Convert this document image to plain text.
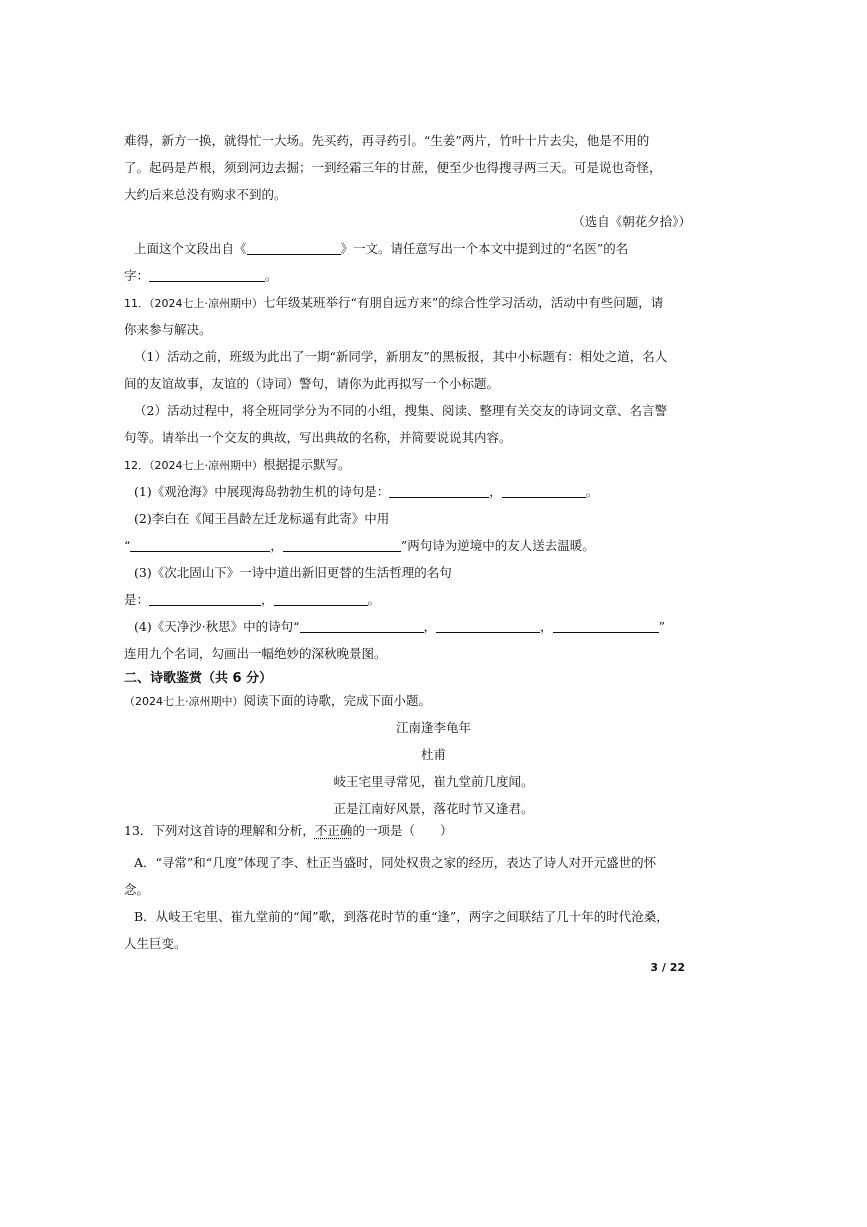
难得，新方一换，就得忙一大场。先买药，再寻药引。“生姜”两片，竹叶十片去尖，他是不用的
了。起码是芦根，须到河边去掘；一到经霜三年的甘蔗，便至少也得搜寻两三天。可是说也奇怪，
大约后来总没有购求不到的。
（选自《朝花夕拾》）
上面这个文段出自《	》一文。请任意写出一个本文中提到过的“名医”的名
字：	。
11．（2024七上·凉州期中）七年级某班举行“有朋自远方来”的综合性学习活动，活动中有些问题，请
你来参与解决。
（1）活动之前，班级为此出了一期“新同学，新朋友”的黑板报，其中小标题有：相处之道，名人
间的友谊故事，友谊的（诗词）警句，请你为此再拟写一个小标题。
（2）活动过程中，将全班同学分为不同的小组，搜集、阅读、整理有关交友的诗词文章、名言警
句等。请举出一个交友的典故，写出典故的名称，并简要说说其内容。
12．（2024七上·凉州期中）根据提示默写。
(1)《观沧海》中展现海岛勃勃生机的诗句是：	，	。
(2)李白在《闻王昌龄左迁龙标遥有此寄》中用
“	，	”两句诗为逆境中的友人送去温暖。
(3)《次北固山下》一诗中道出新旧更替的生活哲理的名句
是：	，	。
(4)《天净沙·秋思》中的诗句“	，	，	”
连用九个名词，勾画出一幅绝妙的深秋晚景图。
二、诗歌鉴赏（共 6 分）
（2024七上·凉州期中）阅读下面的诗歌，完成下面小题。
江南逢李龟年
杜甫
岐王宅里寻常见，崔九堂前几度闻。
正是江南好风景，落花时节又逢君。
13．下列对这首诗的理解和分析，不正确的一项是（　　）
A．“寻常”和“几度”体现了李、杜正当盛时，同处权贵之家的经历，表达了诗人对开元盛世的怀
念。
B．从岐王宅里、崔九堂前的“闻”歌，到落花时节的重“逢”，两字之间联结了几十年的时代沧桑，
人生巨变。
3 / 22
